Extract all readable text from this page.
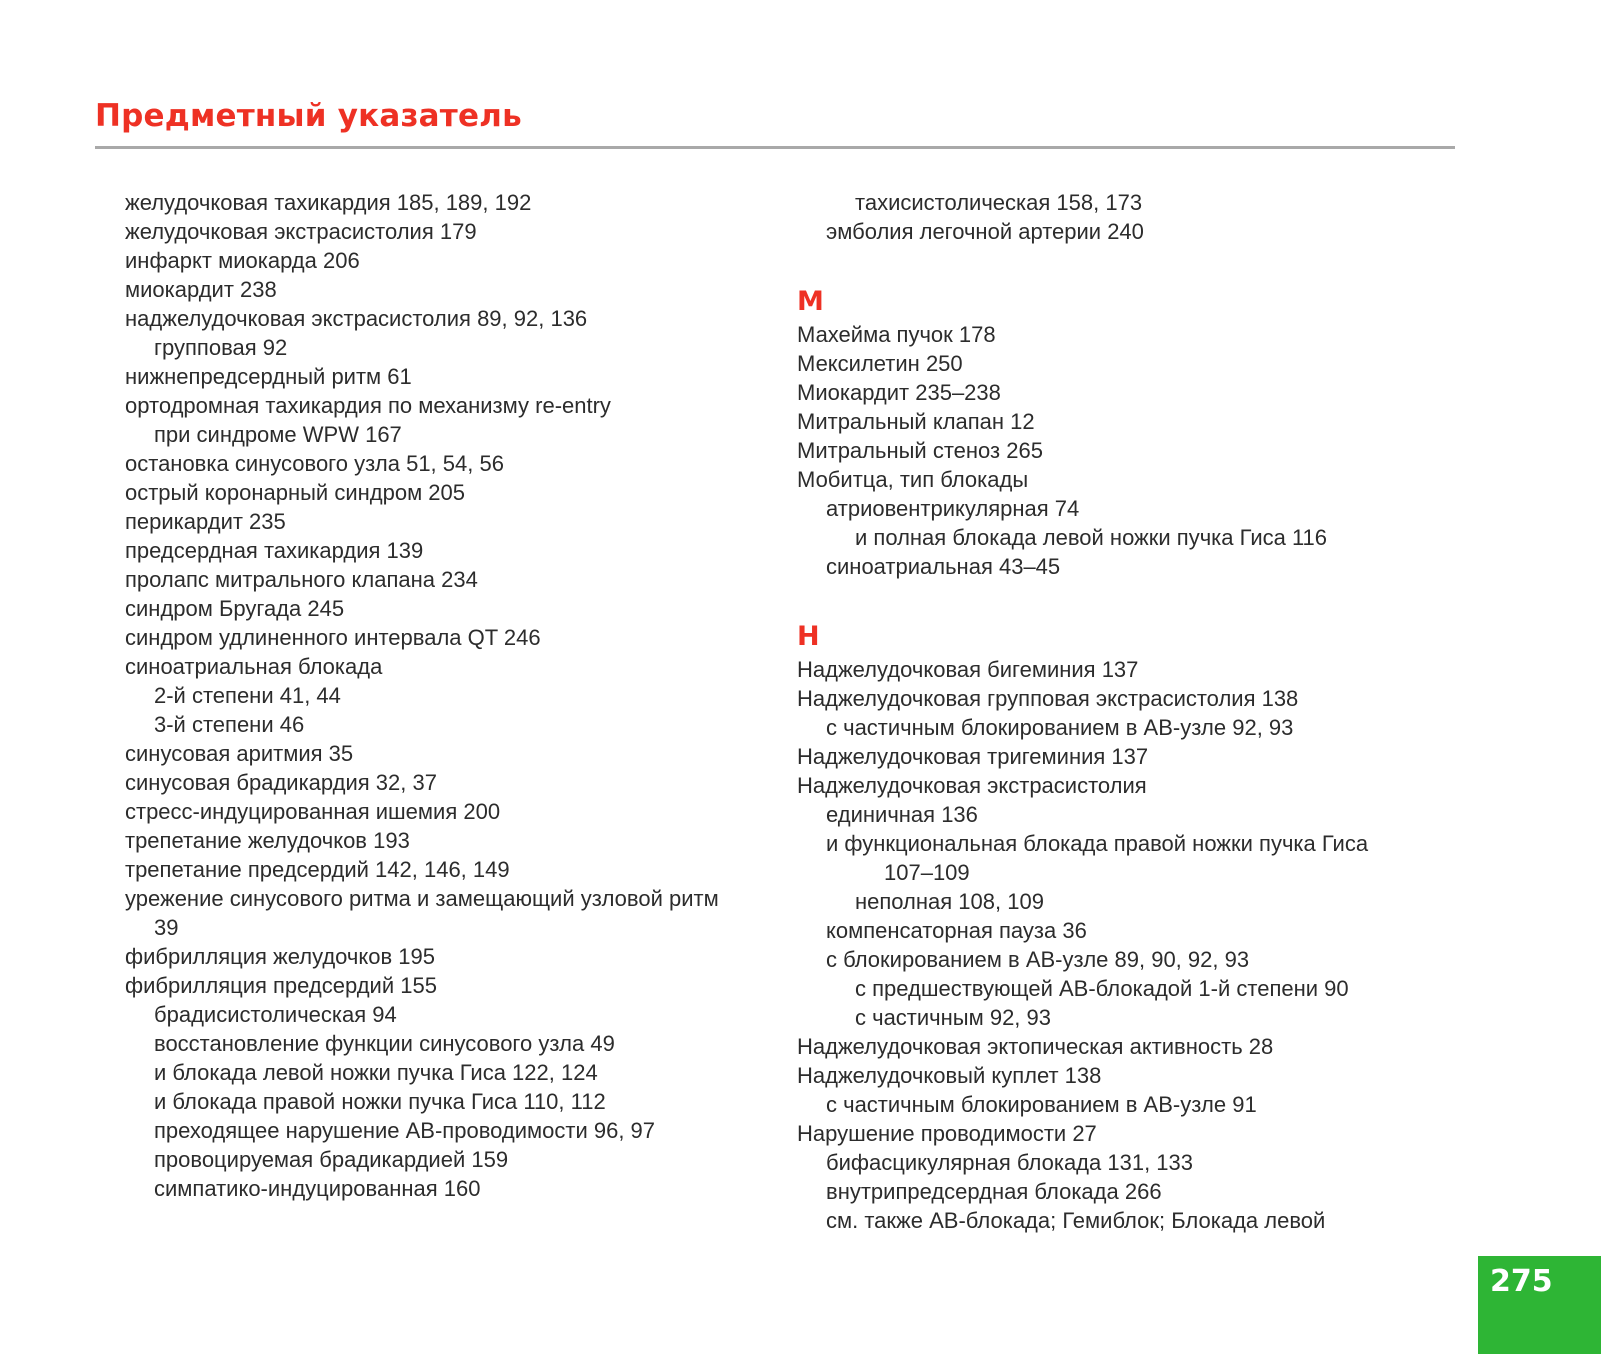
Предметный указатель
желудочковая тахикардия 185, 189, 192
желудочковая экстрасистолия 179
инфаркт миокарда 206
миокардит 238
наджелудочковая экстрасистолия 89, 92, 136
групповая 92
нижнепредсердный ритм 61
ортодромная тахикардия по механизму re-entry
при синдроме WPW 167
остановка синусового узла 51, 54, 56
острый коронарный синдром 205
перикардит 235
предсердная тахикардия 139
пролапс митрального клапана 234
синдром Бругада 245
синдром удлиненного интервала QT 246
синоатриальная блокада
2-й степени 41, 44
3-й степени 46
синусовая аритмия 35
синусовая брадикардия 32, 37
стресс-индуцированная ишемия 200
трепетание желудочков 193
трепетание предсердий 142, 146, 149
урежение синусового ритма и замещающий узловой ритм
39
фибрилляция желудочков 195
фибрилляция предсердий 155
брадисистолическая 94
восстановление функции синусового узла 49
и блокада левой ножки пучка Гиса 122, 124
и блокада правой ножки пучка Гиса 110, 112
преходящее нарушение АВ-проводимости 96, 97
провоцируемая брадикардией 159
симпатико-индуцированная 160
тахисистолическая 158, 173
эмболия легочной артерии 240
М
Махейма пучок 178
Мексилетин 250
Миокардит 235–238
Митральный клапан 12
Митральный стеноз 265
Мобитца, тип блокады
атриовентрикулярная 74
и полная блокада левой ножки пучка Гиса 116
синоатриальная 43–45
Н
Наджелудочковая бигеминия 137
Наджелудочковая групповая экстрасистолия 138
с частичным блокированием в АВ-узле 92, 93
Наджелудочковая тригеминия 137
Наджелудочковая экстрасистолия
единичная 136
и функциональная блокада правой ножки пучка Гиса
107–109
неполная 108, 109
компенсаторная пауза 36
с блокированием в АВ-узле 89, 90, 92, 93
с предшествующей АВ-блокадой 1-й степени 90
с частичным 92, 93
Наджелудочковая эктопическая активность 28
Наджелудочковый куплет 138
с частичным блокированием в АВ-узле 91
Нарушение проводимости 27
бифасцикулярная блокада 131, 133
внутрипредсердная блокада 266
см. также АВ-блокада; Гемиблок; Блокада левой
275
